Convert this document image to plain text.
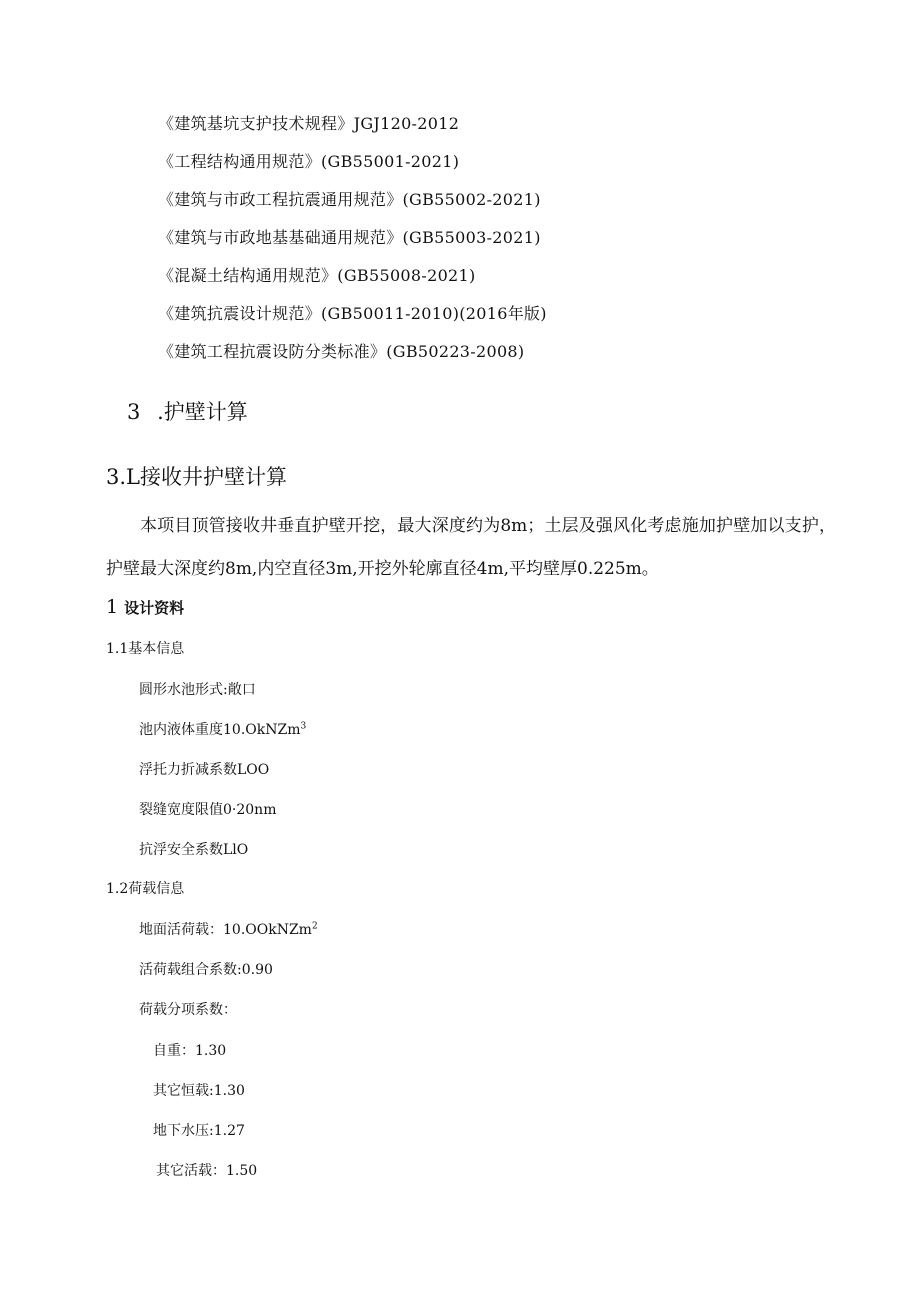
《建筑基坑支护技术规程》JGJ120-2012
《工程结构通用规范》(GB55001-2021)
《建筑与市政工程抗震通用规范》(GB55002-2021)
《建筑与市政地基基础通用规范》(GB55003-2021)
《混凝土结构通用规范》(GB55008-2021)
《建筑抗震设计规范》(GB50011-2010)(2016年版)
《建筑工程抗震设防分类标准》(GB50223-2008)
3 .护壁计算
3.L接收井护壁计算
本项目顶管接收井垂直护壁开挖，最大深度约为8m；土层及强风化考虑施加护壁加以支护，护壁最大深度约8m,内空直径3m,开挖外轮廓直径4m,平均壁厚0.225m。
1 设计资料
1.1基本信息
圆形水池形式:敞口
池内液体重度10.OkNZm$^3$
浮托力折减系数LOO
裂缝宽度限值0·20nm
抗浮安全系数LlO
1.2荷载信息
地面活荷载：10.OOkNZm$^2$
活荷载组合系数:0.90
荷载分项系数：
自重：1.30
其它恒载:1.30
地下水压:1.27
其它活载：1.50
